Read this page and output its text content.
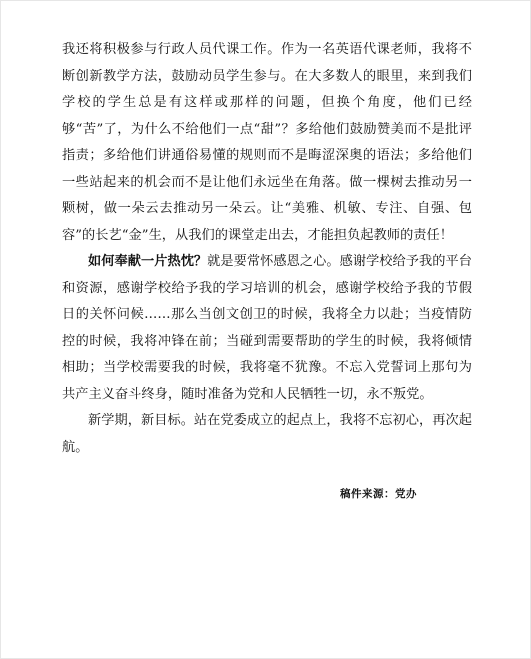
我还将积极参与行政人员代课工作。作为一名英语代课老师，我将不断创新教学方法，鼓励动员学生参与。在大多数人的眼里，来到我们学校的学生总是有这样或那样的问题，但换个角度，他们已经够“苦”了，为什么不给他们一点“甜”？多给他们鼓励赞美而不是批评指责；多给他们讲通俗易懂的规则而不是晦涩深奥的语法；多给他们一些站起来的机会而不是让他们永远坐在角落。做一棵树去推动另一颗树，做一朵云去推动另一朵云。让“美雅、机敏、专注、自强、包容”的长艺“金”生，从我们的课堂走出去，才能担负起教师的责任！

如何奉献一片热忱？就是要常怀感恩之心。感谢学校给予我的平台和资源，感谢学校给予我的学习培训的机会，感谢学校给予我的节假日的关怀问候……那么当创文创卫的时候，我将全力以赴；当疫情防控的时候，我将冲锋在前；当碰到需要帮助的学生的时候，我将倾情相助；当学校需要我的时候，我将毫不犹豫。不忘入党誓词上那句为共产主义奋斗终身，随时准备为党和人民牺牲一切，永不叛党。

新学期，新目标。站在党委成立的起点上，我将不忘初心，再次起航。

稿件来源：党办
